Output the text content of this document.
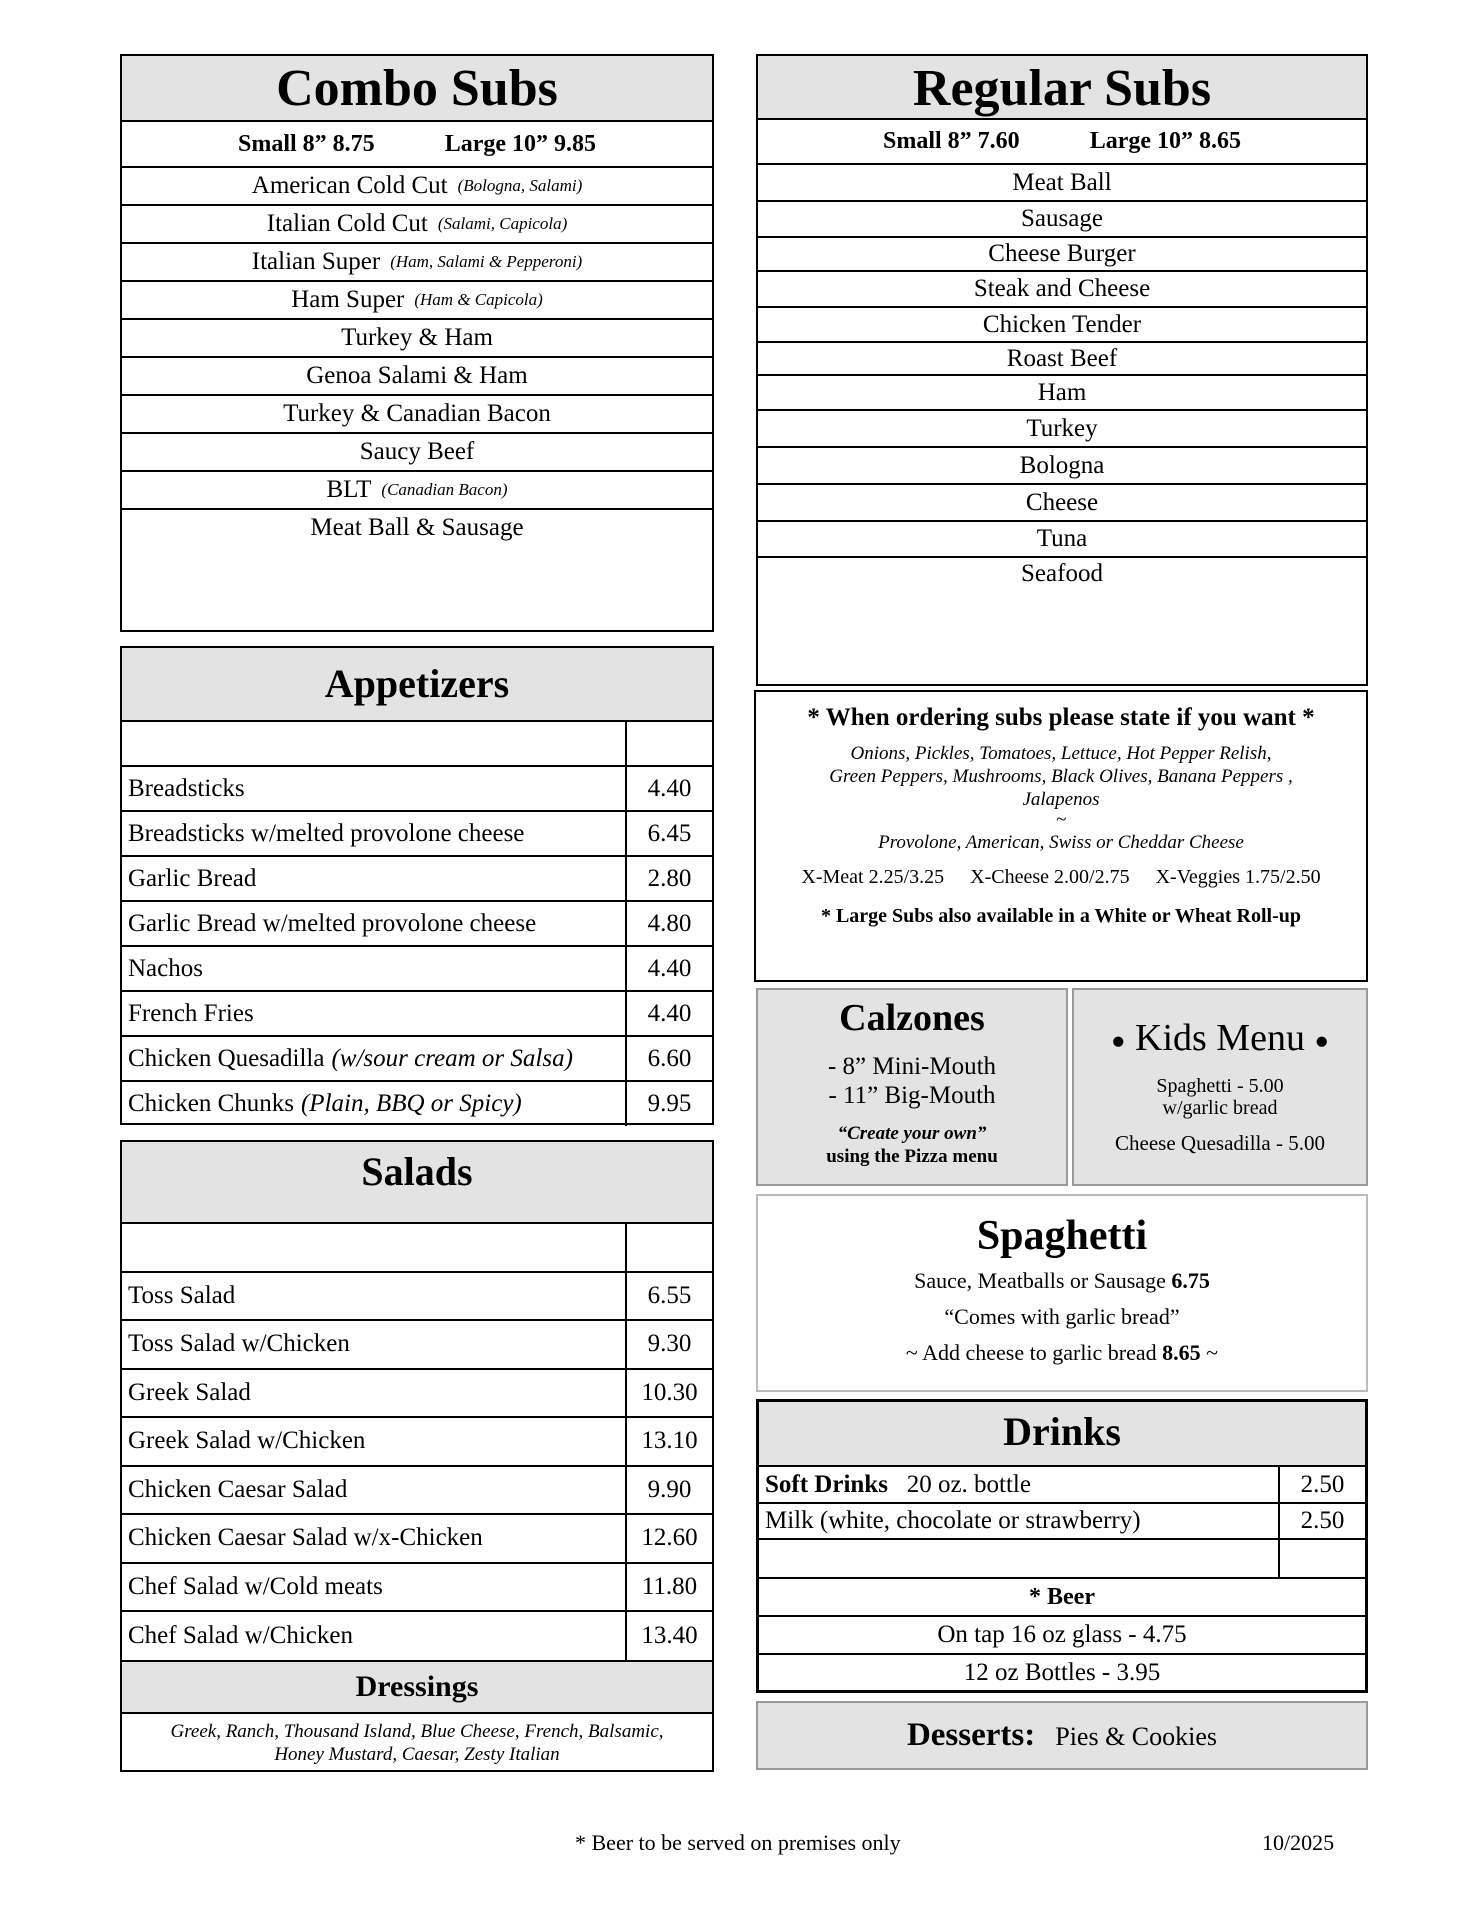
Combo Subs
Small 8” 8.75	Large 10” 9.85
American Cold Cut (Bologna, Salami)
Italian Cold Cut (Salami, Capicola)
Italian Super (Ham, Salami & Pepperoni)
Ham Super (Ham & Capicola)
Turkey & Ham
Genoa Salami & Ham
Turkey & Canadian Bacon
Saucy Beef
BLT (Canadian Bacon)
Meat Ball & Sausage
Appetizers

Breadsticks	4.40
Breadsticks w/melted provolone cheese	6.45
Garlic Bread	2.80
Garlic Bread w/melted provolone cheese	4.80
Nachos	4.40
French Fries	4.40
Chicken Quesadilla (w/sour cream or Salsa)	6.60
Chicken Chunks (Plain, BBQ or Spicy)	9.95
Salads

Toss Salad	6.55
Toss Salad w/Chicken	9.30
Greek Salad	10.30
Greek Salad w/Chicken	13.10
Chicken Caesar Salad	9.90
Chicken Caesar Salad w/x-Chicken	12.60
Chef Salad w/Cold meats	11.80
Chef Salad w/Chicken	13.40
Dressings
Greek, Ranch, Thousand Island, Blue Cheese, French, Balsamic,
Honey Mustard, Caesar, Zesty Italian
Regular Subs
Small 8” 7.60	Large 10” 8.65
Meat Ball
Sausage
Cheese Burger
Steak and Cheese
Chicken Tender
Roast Beef
Ham
Turkey
Bologna
Cheese
Tuna
Seafood
* When ordering subs please state if you want *
Onions, Pickles, Tomatoes, Lettuce, Hot Pepper Relish,
Green Peppers, Mushrooms, Black Olives, Banana Peppers ,
Jalapenos
~
Provolone, American, Swiss or Cheddar Cheese
X-Meat 2.25/3.25 X-Cheese 2.00/2.75 X-Veggies 1.75/2.50
* Large Subs also available in a White or Wheat Roll-up
Calzones
- 8” Mini-Mouth
- 11” Big-Mouth
“Create your own”
using the Pizza menu
● Kids Menu ●
Spaghetti - 5.00
w/garlic bread
Cheese Quesadilla - 5.00
Spaghetti
Sauce, Meatballs or Sausage 6.75
“Comes with garlic bread”
~ Add cheese to garlic bread 8.65 ~
Drinks
Soft Drinks 20 oz. bottle	2.50
Milk (white, chocolate or strawberry)	2.50

* Beer
On tap 16 oz glass - 4.75
12 oz Bottles - 3.95
Desserts: Pies & Cookies
* Beer to be served on premises only	10/2025
